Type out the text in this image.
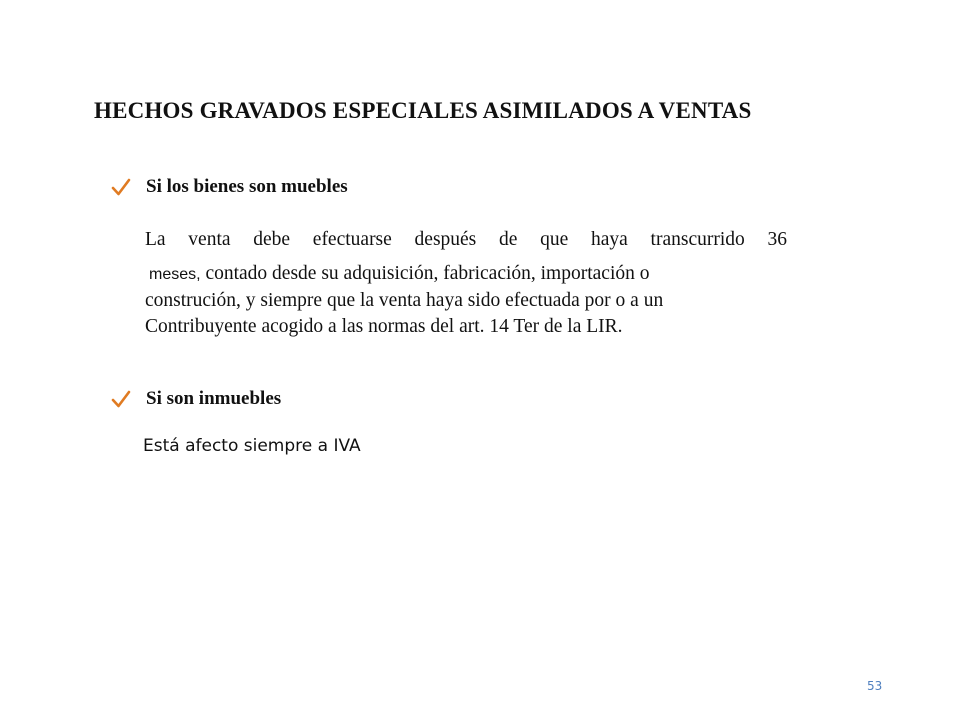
HECHOS GRAVADOS ESPECIALES ASIMILADOS A VENTAS
Si los bienes son muebles
La venta debe efectuarse después de que haya transcurrido 36
meses, contado desde su adquisición, fabricación, importación o
construción, y siempre que la venta haya sido efectuada por o a un
Contribuyente acogido a las normas del art. 14 Ter de la LIR.
Si son inmuebles
Está afecto siempre a IVA
53
